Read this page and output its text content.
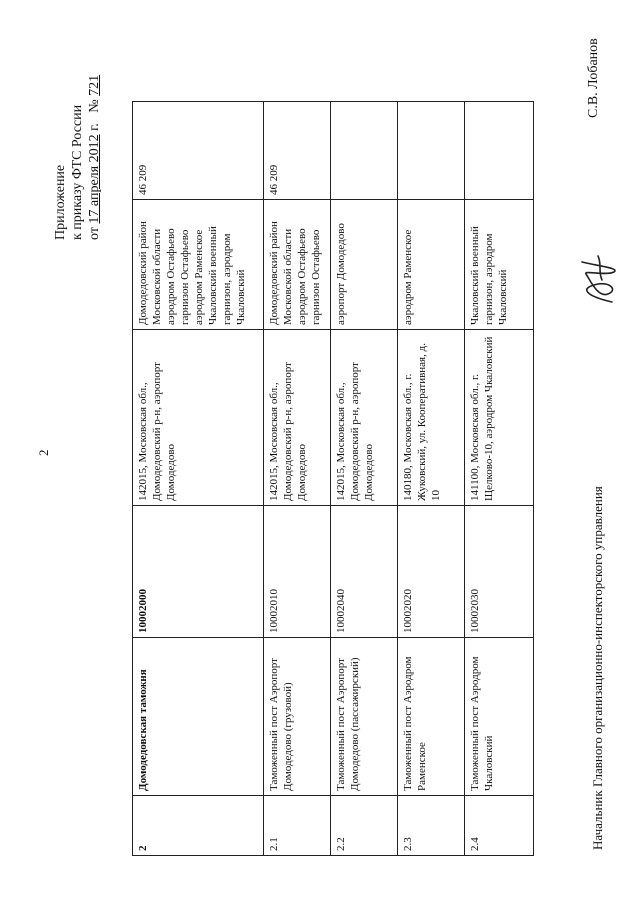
2
Приложение к приказу ФТС России от 17 апреля 2012 г.   № 721
2	Домодедовская таможня	10002000	142015, Московская обл., Домодедовский р-н, аэропорт Домодедово	Домодедовский район Московской области аэродром Остафьево гарнизон Остафьево аэродром Раменское Чкаловский военный гарнизон, аэродром Чкаловский	46 209
2.1	Таможенный пост Аэропорт Домодедово (грузовой)	10002010	142015, Московская обл., Домодедовский р-н, аэропорт Домодедово	Домодедовский район Московской области аэродром Остафьево гарнизон Остафьево	46 209
2.2	Таможенный пост Аэропорт Домодедово (пассажирский)	10002040	142015, Московская обл., Домодедовский р-н, аэропорт Домодедово	аэропорт Домодедово	
2.3	Таможенный пост Аэродром Раменское	10002020	140180, Московская обл., г. Жуковский, ул. Кооперативная, д. 10	аэродром Раменское	
2.4	Таможенный пост Аэродром Чкаловский	10002030	141100, Московская обл., г. Щелково-10, аэродром Чкаловский	Чкаловский военный гарнизон, аэродром Чкаловский	
Начальник Главного организационно-инспекторского управления
С.В. Лобанов
